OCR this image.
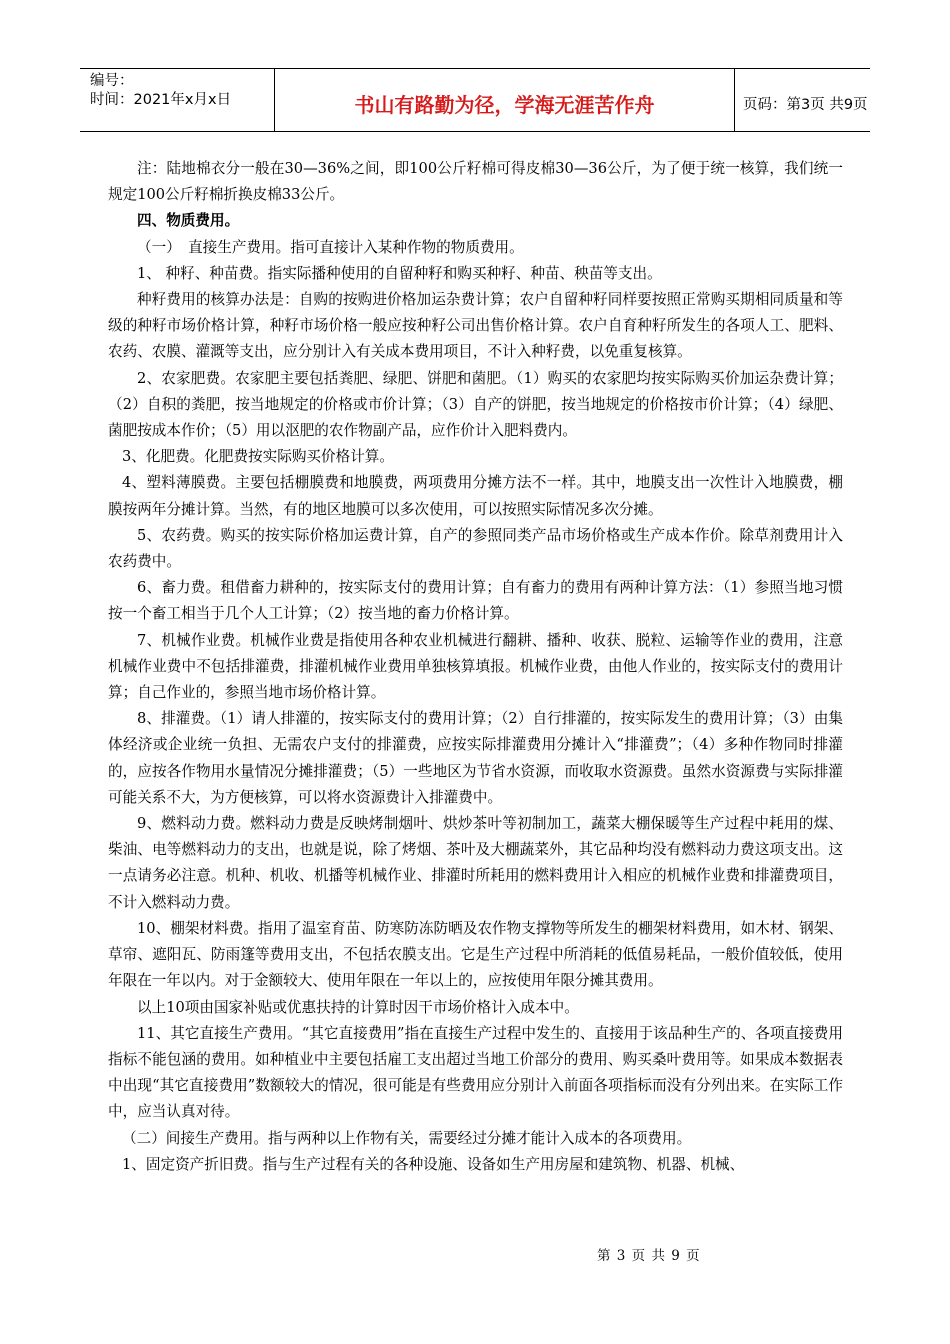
编号：
时间：2021年x月x日	书山有路勤为径，学海无涯苦作舟	页码：第3页 共9页

注：陆地棉衣分一般在30—36%之间，即100公斤籽棉可得皮棉30—36公斤，为了便于统一核算，我们统一规定100公斤籽棉折换皮棉33公斤。

四、物质费用。

（一）　直接生产费用。指可直接计入某种作物的物质费用。

1、 种籽、种苗费。指实际播种使用的自留种籽和购买种籽、种苗、秧苗等支出。

种籽费用的核算办法是：自购的按购进价格加运杂费计算；农户自留种籽同样要按照正常购买期相同质量和等级的种籽市场价格计算，种籽市场价格一般应按种籽公司出售价格计算。农户自育种籽所发生的各项人工、肥料、农药、农膜、灌溉等支出，应分别计入有关成本费用项目，不计入种籽费，以免重复核算。

2、农家肥费。农家肥主要包括粪肥、绿肥、饼肥和菌肥。（1）购买的农家肥均按实际购买价加运杂费计算；（2）自积的粪肥，按当地规定的价格或市价计算；（3）自产的饼肥，按当地规定的价格按市价计算；（4）绿肥、菌肥按成本作价；（5）用以沤肥的农作物副产品，应作价计入肥料费内。

3、化肥费。化肥费按实际购买价格计算。

4、塑料薄膜费。主要包括棚膜费和地膜费，两项费用分摊方法不一样。其中，地膜支出一次性计入地膜费，棚膜按两年分摊计算。当然，有的地区地膜可以多次使用，可以按照实际情况多次分摊。

5、农药费。购买的按实际价格加运费计算，自产的参照同类产品市场价格或生产成本作价。除草剂费用计入农药费中。

6、畜力费。租借畜力耕种的，按实际支付的费用计算；自有畜力的费用有两种计算方法：（1）参照当地习惯按一个畜工相当于几个人工计算；（2）按当地的畜力价格计算。

7、机械作业费。机械作业费是指使用各种农业机械进行翻耕、播种、收获、脱粒、运输等作业的费用，注意机械作业费中不包括排灌费，排灌机械作业费用单独核算填报。机械作业费，由他人作业的，按实际支付的费用计算；自己作业的，参照当地市场价格计算。

8、排灌费。（1）请人排灌的，按实际支付的费用计算；（2）自行排灌的，按实际发生的费用计算；（3）由集体经济或企业统一负担、无需农户支付的排灌费，应按实际排灌费用分摊计入“排灌费”；（4）多种作物同时排灌的，应按各作物用水量情况分摊排灌费；（5）一些地区为节省水资源，而收取水资源费。虽然水资源费与实际排灌可能关系不大，为方便核算，可以将水资源费计入排灌费中。

9、燃料动力费。燃料动力费是反映烤制烟叶、烘炒茶叶等初制加工，蔬菜大棚保暖等生产过程中耗用的煤、柴油、电等燃料动力的支出，也就是说，除了烤烟、茶叶及大棚蔬菜外，其它品种均没有燃料动力费这项支出。这一点请务必注意。机种、机收、机播等机械作业、排灌时所耗用的燃料费用计入相应的机械作业费和排灌费项目，不计入燃料动力费。

10、棚架材料费。指用了温室育苗、防寒防冻防晒及农作物支撑物等所发生的棚架材料费用，如木材、钢架、草帘、遮阳瓦、防雨篷等费用支出，不包括农膜支出。它是生产过程中所消耗的低值易耗品，一般价值较低，使用年限在一年以内。对于金额较大、使用年限在一年以上的，应按使用年限分摊其费用。

以上10项由国家补贴或优惠扶持的计算时因干市场价格计入成本中。

11、其它直接生产费用。“其它直接费用”指在直接生产过程中发生的、直接用于该品种生产的、各项直接费用指标不能包涵的费用。如种植业中主要包括雇工支出超过当地工价部分的费用、购买桑叶费用等。如果成本数据表中出现“其它直接费用”数额较大的情况，很可能是有些费用应分别计入前面各项指标而没有分列出来。在实际工作中，应当认真对待。

（二）间接生产费用。指与两种以上作物有关，需要经过分摊才能计入成本的各项费用。

1、固定资产折旧费。指与生产过程有关的各种设施、设备如生产用房屋和建筑物、机器、机械、

第 3 页 共 9 页
